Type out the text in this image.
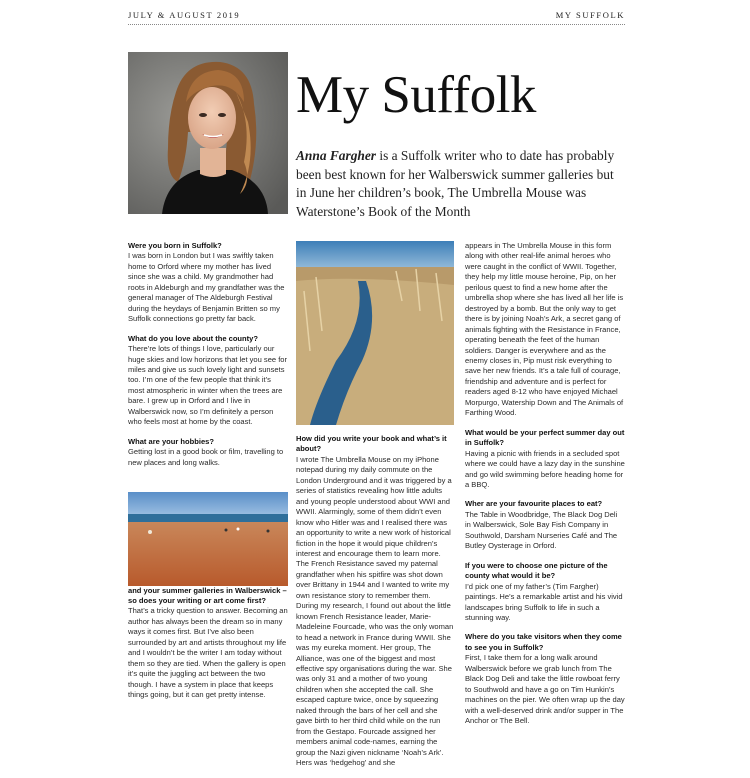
JULY & AUGUST 2019	MY SUFFOLK
My Suffolk
Anna Fargher is a Suffolk writer who to date has probably been best known for her Walberswick summer galleries but in June her children’s book, The Umbrella Mouse was Waterstone’s Book of the Month

Were you born in Suffolk?

I was born in London but I was swiftly taken home to Orford where my mother has lived since she was a child. My grandmother had roots in Aldeburgh and my grandfather was the general manager of The Aldeburgh Festival during the heydays of Benjamin Britten so my Suffolk connections go pretty far back.

What do you love about the county?

There’re lots of things I love, particularly our huge skies and low horizons that let you see for miles and give us such lovely light and sunsets too. I’m one of the few people that think it’s most atmospheric in winter when the trees are bare. I grew up in Orford and I live in Walberswick now, so I’m definitely a person who feels most at home by the coast.

What are your hobbies?

Getting lost in a good book or film, travelling to new places and long walks.

and your summer galleries in Walberswick – so does your writing or art come first?

That’s a tricky question to answer. Becoming an author has always been the dream so in many ways it comes first. But I’ve also been surrounded by art and artists throughout my life and I wouldn’t be the writer I am today without them so they are tied. When the gallery is open it’s quite the juggling act between the two though. I have a system in place that keeps things going, but it can get pretty intense.

How did you write your book and what’s it about?

I wrote The Umbrella Mouse on my iPhone notepad during my daily commute on the London Underground and it was triggered by a series of statistics revealing how little adults and young people understood about WWI and WWII. Alarmingly, some of them didn’t even know who Hitler was and I realised there was an opportunity to write a new work of historical fiction in the hope it would pique children’s interest and encourage them to learn more. The French Resistance saved my paternal grandfather when his spitfire was shot down over Brittany in 1944 and I wanted to write my own resistance story to remember them. During my research, I found out about the little known French Resistance leader, Marie-Madeleine Fourcade, who was the only woman to head a network in France during WWII. She was my eureka moment. Her group, The Alliance, was one of the biggest and most effective spy organisations during the war. She was only 31 and a mother of two young children when she accepted the call. She escaped capture twice, once by squeezing naked through the bars of her cell and she gave birth to her third child while on the run from the Gestapo. Fourcade assigned her members animal code-names, earning the group the Nazi given nickname ‘Noah’s Ark’. Hers was ‘hedgehog’ and she

appears in The Umbrella Mouse in this form along with other real-life animal heroes who were caught in the conflict of WWII. Together, they help my little mouse heroine, Pip, on her perilous quest to find a new home after the umbrella shop where she has lived all her life is destroyed by a bomb. But the only way to get there is by joining Noah’s Ark, a secret gang of animals fighting with the Resistance in France, operating beneath the feet of the human soldiers. Danger is everywhere and as the enemy closes in, Pip must risk everything to save her new friends. It’s a tale full of courage, friendship and adventure and is perfect for readers aged 8-12 who have enjoyed Michael Morpurgo, Watership Down and The Animals of Farthing Wood.

What would be your perfect summer day out in Suffolk?

Having a picnic with friends in a secluded spot where we could have a lazy day in the sunshine and go wild swimming before heading home for a BBQ.

Wher are your favourite places to eat?

The Table in Woodbridge, The Black Dog Deli in Walberswick, Sole Bay Fish Company in Southwold, Darsham Nurseries Café and The Butley Oysterage in Orford.

If you were to choose one picture of the county what would it be?

I’d pick one of my father’s (Tim Fargher) paintings. He’s a remarkable artist and his vivid landscapes bring Suffolk to life in such a stunning way.

Where do you take visitors when they come to see you in Suffolk?

First, I take them for a long walk around Walberswick before we grab lunch from The Black Dog Deli and take the little rowboat ferry to Southwold and have a go on Tim Hunkin’s machines on the pier. We often wrap up the day with a well-deserved drink and/or supper in The Anchor or The Bell.
